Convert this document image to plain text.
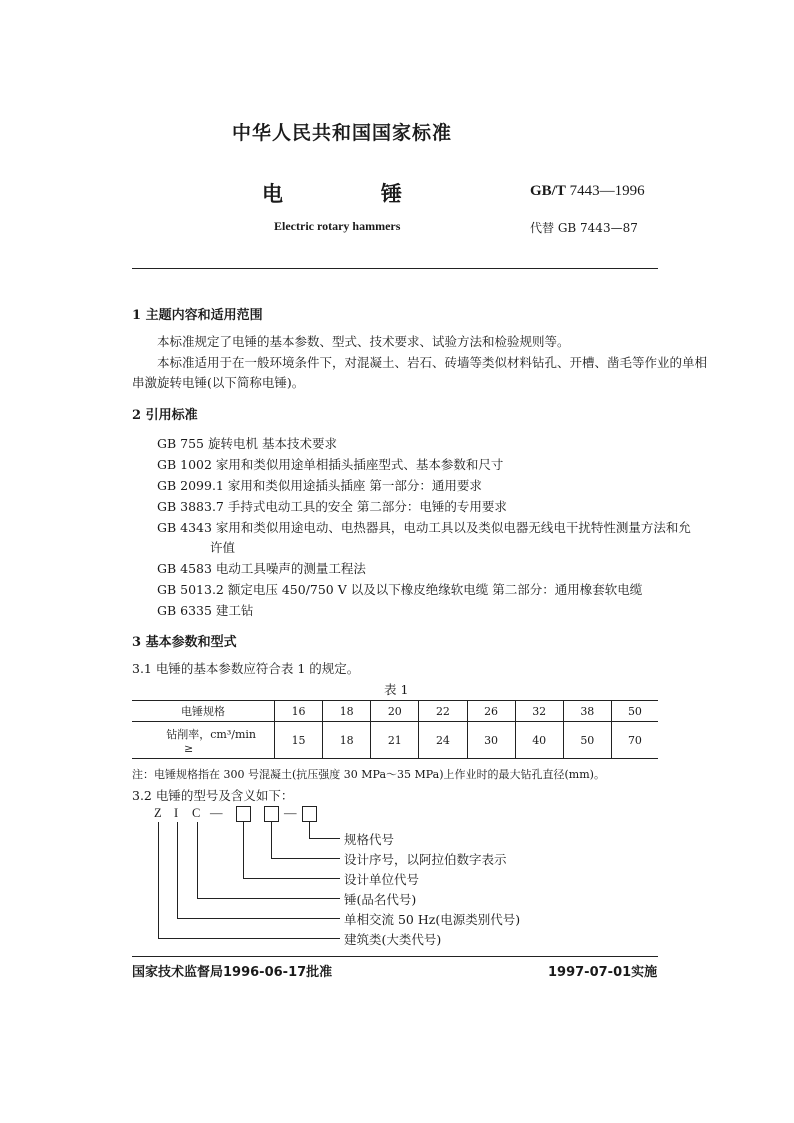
中华人民共和国国家标准
电	锤	GB/T 7443—1996
Electric rotary hammers	代替 GB 7443—87
1 主题内容和适用范围
本标准规定了电锤的基本参数、型式、技术要求、试验方法和检验规则等。
本标准适用于在一般环境条件下，对混凝土、岩石、砖墙等类似材料钻孔、开槽、凿毛等作业的单相
串激旋转电锤(以下简称电锤)。
2 引用标准
GB 755 旋转电机 基本技术要求
GB 1002 家用和类似用途单相插头插座型式、基本参数和尺寸
GB 2099.1 家用和类似用途插头插座 第一部分：通用要求
GB 3883.7 手持式电动工具的安全 第二部分：电锤的专用要求
GB 4343 家用和类似用途电动、电热器具，电动工具以及类似电器无线电干扰特性测量方法和允
许值
GB 4583 电动工具噪声的测量工程法
GB 5013.2 额定电压 450/750 V 以及以下橡皮绝缘软电缆 第二部分：通用橡套软电缆
GB 6335 建工钻
3 基本参数和型式
3.1 电锤的基本参数应符合表 1 的规定。
表 1
电锤规格	16	18	20	22	26	32	38	50

钻削率，cm³/min
≥	15	18	21	24	30	40	50	70
注：电锤规格指在 300 号混凝土(抗压强度 30 MPa～35 MPa)上作业时的最大钻孔直径(mm)。
3.2 电锤的型号及含义如下：
Z I C —	—
规格代号
设计序号，以阿拉伯数字表示
设计单位代号
锤(品名代号)
单相交流 50 Hz(电源类别代号)
建筑类(大类代号)
国家技术监督局1996-06-17批准	1997-07-01实施
